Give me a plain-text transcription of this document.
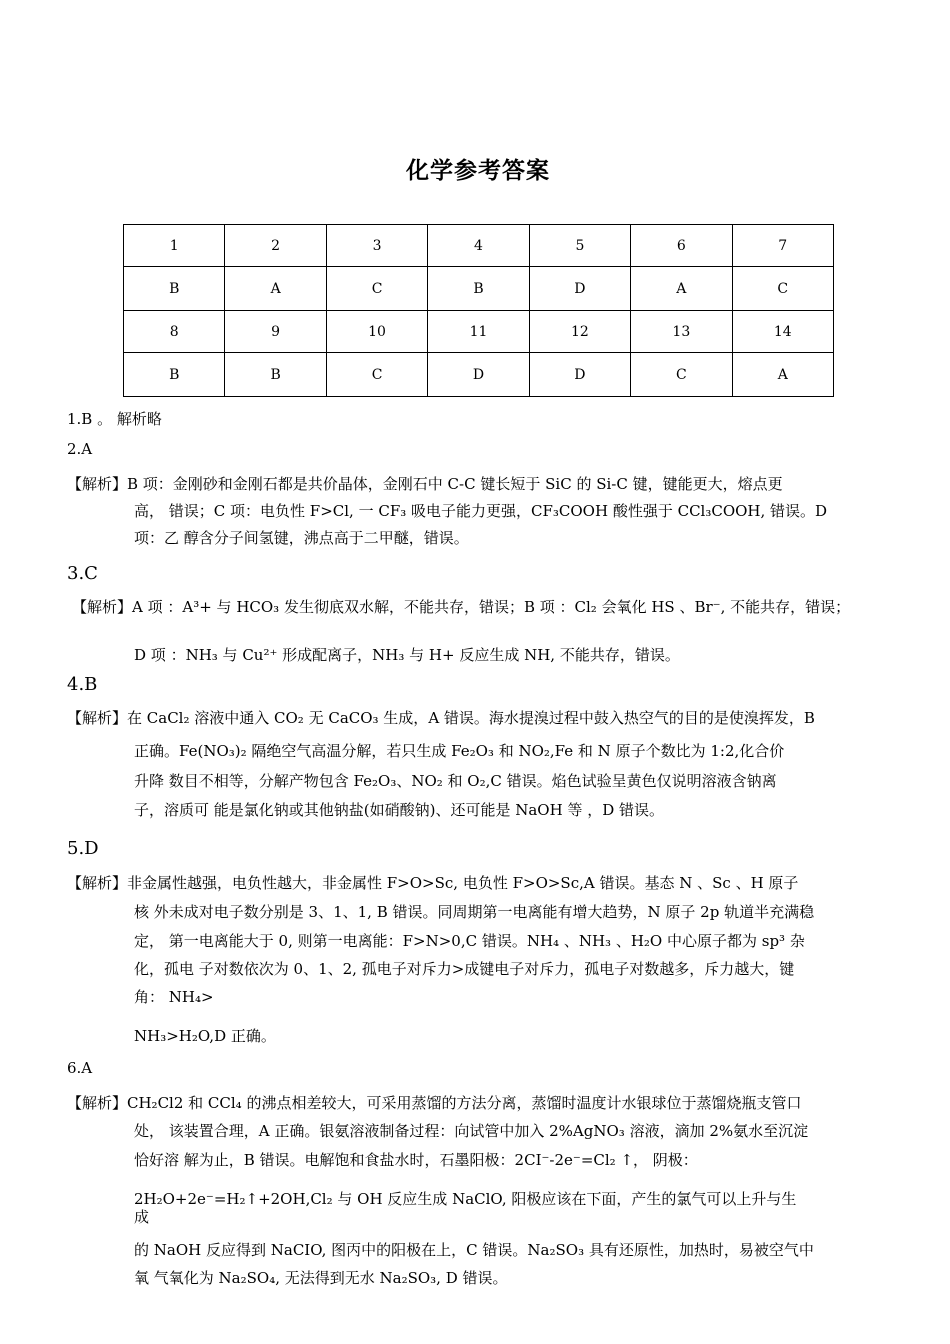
化学参考答案
1	2	3	4	5	6	7
B	A	C	B	D	A	C
8	9	10	11	12	13	14
B	B	C	D	D	C	A
1.B 。 解析略
2.A
【解析】B 项：金刚砂和金刚石都是共价晶体，金刚石中 C-C 键长短于 SiC 的 Si-C 键，键能更大，熔点更
高， 错误；C 项：电负性 F>Cl, 一 CF₃ 吸电子能力更强，CF₃COOH 酸性强于 CCl₃COOH, 错误。D
项：乙 醇含分子间氢键，沸点高于二甲醚，错误。
3.C
【解析】A 项 ：A³+ 与 HCO₃ 发生彻底双水解，不能共存，错误；B 项 ：Cl₂ 会氧化 HS 、Br⁻, 不能共存，错误；
D 项 ：NH₃ 与 Cu²⁺ 形成配离子，NH₃ 与 H+ 反应生成 NH, 不能共存，错误。
4.B
【解析】在 CaCl₂ 溶液中通入 CO₂ 无 CaCO₃ 生成，A 错误。海水提溴过程中鼓入热空气的目的是使溴挥发，B
正确。Fe(NO₃)₂ 隔绝空气高温分解，若只生成 Fe₂O₃ 和 NO₂,Fe 和 N 原子个数比为 1:2,化合价
升降 数目不相等，分解产物包含 Fe₂O₃、NO₂ 和 O₂,C 错误。焰色试验呈黄色仅说明溶液含钠离
子，溶质可 能是氯化钠或其他钠盐(如硝酸钠)、还可能是 NaOH 等 ，D 错误。
5.D
【解析】非金属性越强，电负性越大，非金属性 F>O>Sc, 电负性 F>O>Sc,A 错误。基态 N 、Sc 、H 原子
核 外未成对电子数分别是 3、1、1, B 错误。同周期第一电离能有增大趋势，N 原子 2p 轨道半充满稳
定， 第一电离能大于 0, 则第一电离能：F>N>0,C 错误。NH₄ 、NH₃ 、H₂O 中心原子都为 sp³ 杂
化，孤电 子对数依次为 0、1、2, 孤电子对斥力>成键电子对斥力，孤电子对数越多，斥力越大，键
角： NH₄>
NH₃>H₂O,D 正确。
6.A
【解析】CH₂Cl2 和 CCl₄ 的沸点相差较大，可采用蒸馏的方法分离，蒸馏时温度计水银球位于蒸馏烧瓶支管口
处， 该装置合理，A 正确。银氨溶液制备过程：向试管中加入 2%AgNO₃ 溶液，滴加 2%氨水至沉淀
恰好溶 解为止，B 错误。电解饱和食盐水时，石墨阳极：2CI⁻-2e⁻=Cl₂ ↑， 阴极：
2H₂O+2e⁻=H₂↑+2OH,Cl₂ 与 OH 反应生成 NaClO, 阳极应该在下面，产生的氯气可以上升与生
成
的 NaOH 反应得到 NaCIO, 图丙中的阳极在上，C 错误。Na₂SO₃ 具有还原性，加热时，易被空气中
氧 气氧化为 Na₂SO₄, 无法得到无水 Na₂SO₃, D 错误。
